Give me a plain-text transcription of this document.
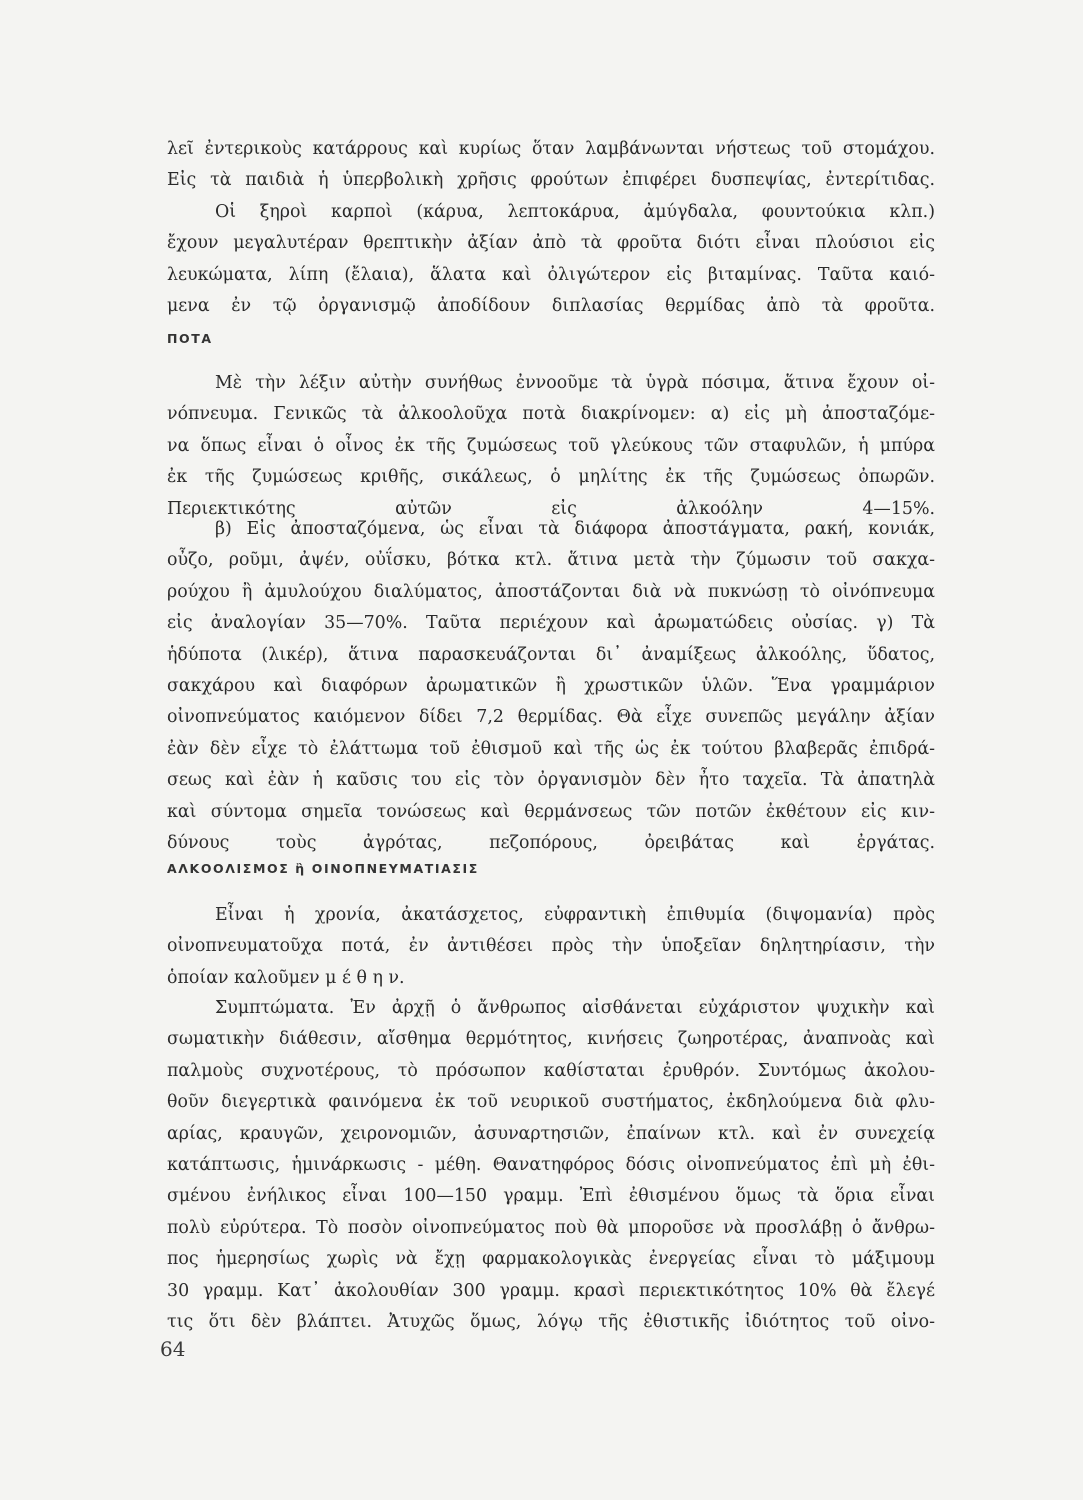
λεῖ ἐντερικοὺς κατάρρους καὶ κυρίως ὅταν λαμβάνωνται νήστεως τοῦ στομάχου.
Εἰς τὰ παιδιὰ ἡ ὑπερβολικὴ χρῆσις φρούτων ἐπιφέρει δυσπεψίας, ἐντερίτιδας.
Οἱ ξηροὶ καρποὶ (κάρυα, λεπτοκάρυα, ἀμύγδαλα, φουντούκια κλπ.)
ἔχουν μεγαλυτέραν θρεπτικὴν ἀξίαν ἀπὸ τὰ φροῦτα διότι εἶναι πλούσιοι εἰς
λευκώματα, λίπη (ἔλαια), ἅλατα καὶ ὀλιγώτερον εἰς βιταμίνας. Ταῦτα καιό-
μενα ἐν τῷ ὀργανισμῷ ἀποδίδουν διπλασίας θερμίδας ἀπὸ τὰ φροῦτα.
ΠΟΤΑ
Μὲ τὴν λέξιν αὐτὴν συνήθως ἐννοοῦμε τὰ ὑγρὰ πόσιμα, ἅτινα ἔχουν οἰ-
νόπνευμα. Γενικῶς τὰ ἀλκοολοῦχα ποτὰ διακρίνομεν: α) εἰς μὴ ἀποσταζόμε-
να ὅπως εἶναι ὁ οἶνος ἐκ τῆς ζυμώσεως τοῦ γλεύκους τῶν σταφυλῶν, ἡ μπύρα
ἐκ τῆς ζυμώσεως κριθῆς, σικάλεως, ὁ μηλίτης ἐκ τῆς ζυμώσεως ὀπωρῶν.
Περιεκτικότης αὐτῶν εἰς ἀλκοόλην 4—15%.
β) Εἰς ἀποσταζόμενα, ὡς εἶναι τὰ διάφορα ἀποστάγματα, ρακή, κονιάκ,
οὖζο, ροῦμι, ἀψέν, οὐΐσκυ, βότκα κτλ. ἅτινα μετὰ τὴν ζύμωσιν τοῦ σακχα-
ρούχου ἢ ἀμυλούχου διαλύματος, ἀποστάζονται διὰ νὰ πυκνώσῃ τὸ οἰνόπνευμα
εἰς ἀναλογίαν 35—70%. Ταῦτα περιέχουν καὶ ἀρωματώδεις οὐσίας. γ) Τὰ
ἡδύποτα (λικέρ), ἅτινα παρασκευάζονται δι᾽ ἀναμίξεως ἀλκοόλης, ὕδατος,
σακχάρου καὶ διαφόρων ἀρωματικῶν ἢ χρωστικῶν ὑλῶν. Ἕνα γραμμάριον
οἰνοπνεύματος καιόμενον δίδει 7,2 θερμίδας. Θὰ εἶχε συνεπῶς μεγάλην ἀξίαν
ἐὰν δὲν εἶχε τὸ ἐλάττωμα τοῦ ἐθισμοῦ καὶ τῆς ὡς ἐκ τούτου βλαβερᾶς ἐπιδρά-
σεως καὶ ἐὰν ἡ καῦσις του εἰς τὸν ὀργανισμὸν δὲν ἦτο ταχεῖα. Τὰ ἀπατηλὰ
καὶ σύντομα σημεῖα τονώσεως καὶ θερμάνσεως τῶν ποτῶν ἐκθέτουν εἰς κιν-
δύνους τοὺς ἀγρότας, πεζοπόρους, ὀρειβάτας καὶ ἐργάτας.
ΑΛΚΟΟΛΙΣΜΟΣ ἢ ΟΙΝΟΠΝΕΥΜΑΤΙΑΣΙΣ
Εἶναι ἡ χρονία, ἀκατάσχετος, εὐφραντικὴ ἐπιθυμία (διψομανία) πρὸς
οἰνοπνευματοῦχα ποτά, ἐν ἀντιθέσει πρὸς τὴν ὑποξεῖαν δηλητηρίασιν, τὴν
ὁποίαν καλοῦμεν μ έ θ η ν.
Συμπτώματα. Ἐν ἀρχῇ ὁ ἄνθρωπος αἰσθάνεται εὐχάριστον ψυχικὴν καὶ
σωματικὴν διάθεσιν, αἴσθημα θερμότητος, κινήσεις ζωηροτέρας, ἀναπνοὰς καὶ
παλμοὺς συχνοτέρους, τὸ πρόσωπον καθίσταται ἐρυθρόν. Συντόμως ἀκολου-
θοῦν διεγερτικὰ φαινόμενα ἐκ τοῦ νευρικοῦ συστήματος, ἐκδηλούμενα διὰ φλυ-
αρίας, κραυγῶν, χειρονομιῶν, ἀσυναρτησιῶν, ἐπαίνων κτλ. καὶ ἐν συνεχείᾳ
κατάπτωσις, ἡμινάρκωσις - μέθη. Θανατηφόρος δόσις οἰνοπνεύματος ἐπὶ μὴ ἐθι-
σμένου ἐνήλικος εἶναι 100—150 γραμμ. Ἐπὶ ἐθισμένου ὅμως τὰ ὅρια εἶναι
πολὺ εὐρύτερα. Τὸ ποσὸν οἰνοπνεύματος ποὺ θὰ μποροῦσε νὰ προσλάβῃ ὁ ἄνθρω-
πος ἡμερησίως χωρὶς νὰ ἔχῃ φαρμακολογικὰς ἐνεργείας εἶναι τὸ μάξιμουμ
30 γραμμ. Κατ᾽ ἀκολουθίαν 300 γραμμ. κρασὶ περιεκτικότητος 10% θὰ ἔλεγέ
τις ὅτι δὲν βλάπτει. Ἀτυχῶς ὅμως, λόγῳ τῆς ἐθιστικῆς ἰδιότητος τοῦ οἰνο-
64
